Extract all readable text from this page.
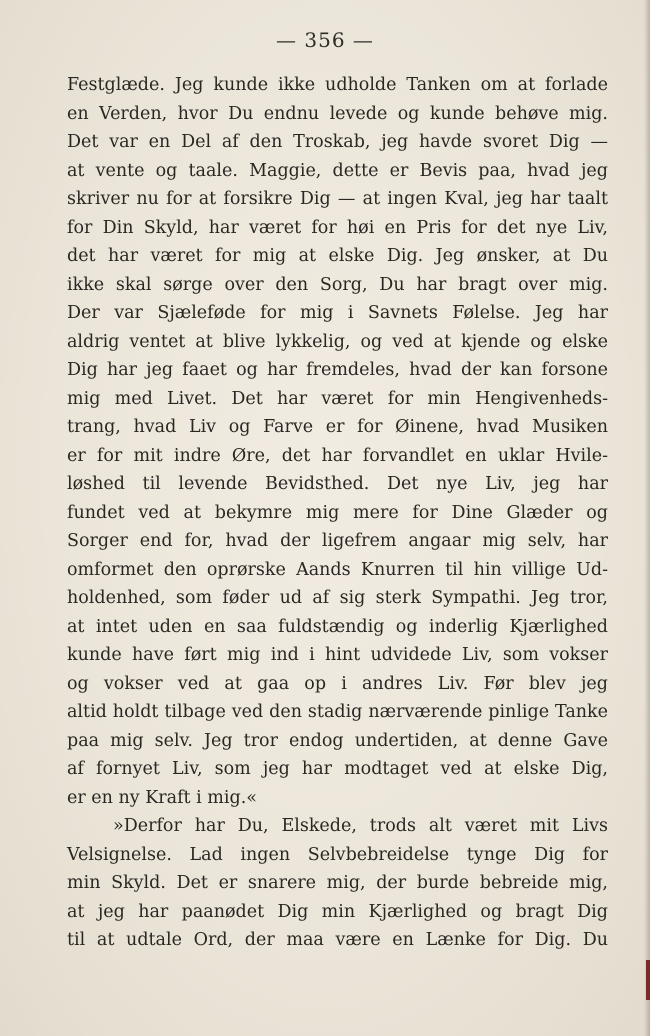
— 356 —
Festglæde. Jeg kunde ikke udholde Tanken om at forlade
en Verden, hvor Du endnu levede og kunde behøve mig.
Det var en Del af den Troskab, jeg havde svoret Dig —
at vente og taale. Maggie, dette er Bevis paa, hvad jeg
skriver nu for at forsikre Dig — at ingen Kval, jeg har taalt
for Din Skyld, har været for høi en Pris for det nye Liv,
det har været for mig at elske Dig. Jeg ønsker, at Du
ikke skal sørge over den Sorg, Du har bragt over mig.
Der var Sjæleføde for mig i Savnets Følelse. Jeg har
aldrig ventet at blive lykkelig, og ved at kjende og elske
Dig har jeg faaet og har fremdeles, hvad der kan forsone
mig med Livet. Det har været for min Hengivenheds-
trang, hvad Liv og Farve er for Øinene, hvad Musiken
er for mit indre Øre, det har forvandlet en uklar Hvile-
løshed til levende Bevidsthed. Det nye Liv, jeg har
fundet ved at bekymre mig mere for Dine Glæder og
Sorger end for, hvad der ligefrem angaar mig selv, har
omformet den oprørske Aands Knurren til hin villige Ud-
holdenhed, som føder ud af sig sterk Sympathi. Jeg tror,
at intet uden en saa fuldstændig og inderlig Kjærlighed
kunde have ført mig ind i hint udvidede Liv, som vokser
og vokser ved at gaa op i andres Liv. Før blev jeg
altid holdt tilbage ved den stadig nærværende pinlige Tanke
paa mig selv. Jeg tror endog undertiden, at denne Gave
af fornyet Liv, som jeg har modtaget ved at elske Dig,
er en ny Kraft i mig.«
»Derfor har Du, Elskede, trods alt været mit Livs
Velsignelse. Lad ingen Selvbebreidelse tynge Dig for
min Skyld. Det er snarere mig, der burde bebreide mig,
at jeg har paanødet Dig min Kjærlighed og bragt Dig
til at udtale Ord, der maa være en Lænke for Dig. Du
